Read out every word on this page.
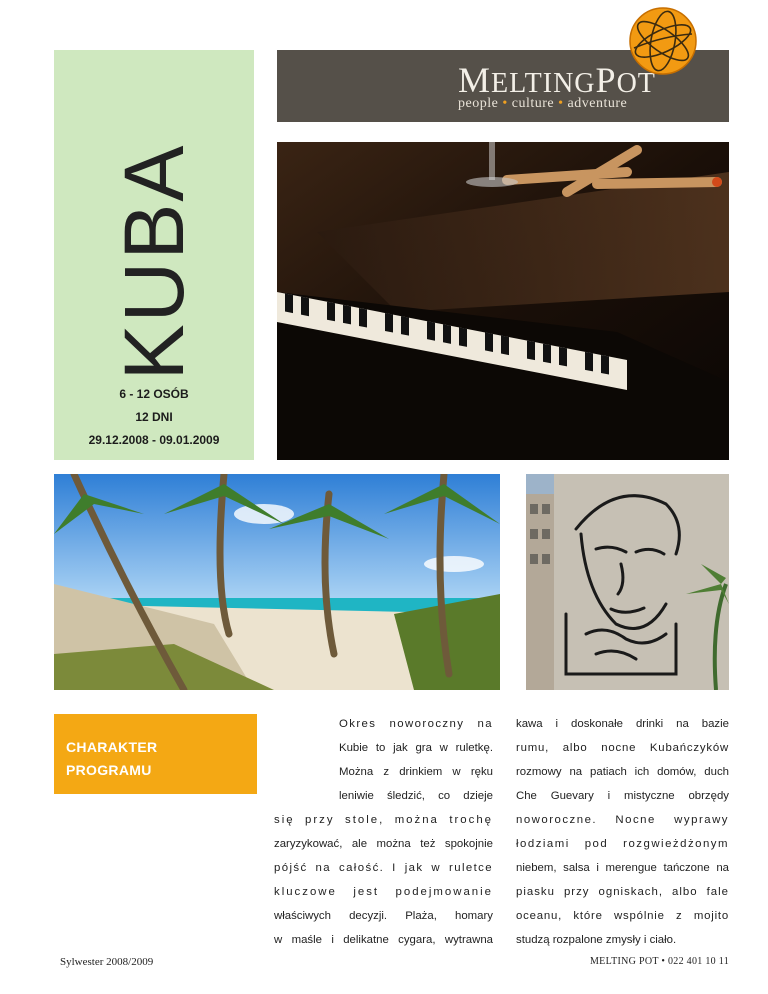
KUBA
6 - 12 OSÓB
12 DNI
29.12.2008 - 09.01.2009
MELTINGPOT
people • culture • adventure
CHARAKTER
PROGRAMU
Okres noworoczny na
Kubie to jak gra w ruletkę.
Można z drinkiem w ręku
leniwie śledzić, co dzieje
się przy stole, można trochę
zaryzykować, ale można też spokojnie
pójść na całość. I jak w ruletce
kluczowe jest podejmowanie
właściwych decyzji. Plaża, homary
w maśle i delikatne cygara, wytrawna
kawa i doskonałe drinki na bazie
rumu, albo nocne Kubańczyków
rozmowy na patiach ich domów, duch
Che Guevary i mistyczne obrzędy
noworoczne. Nocne wyprawy
łodziami pod rozgwieżdżonym
niebem, salsa i merengue tańczone na
piasku przy ogniskach, albo fale
oceanu, które wspólnie z mojito
studzą rozpalone zmysły i ciało.
Sylwester 2008/2009	MELTING POT • 022 401 10 11
